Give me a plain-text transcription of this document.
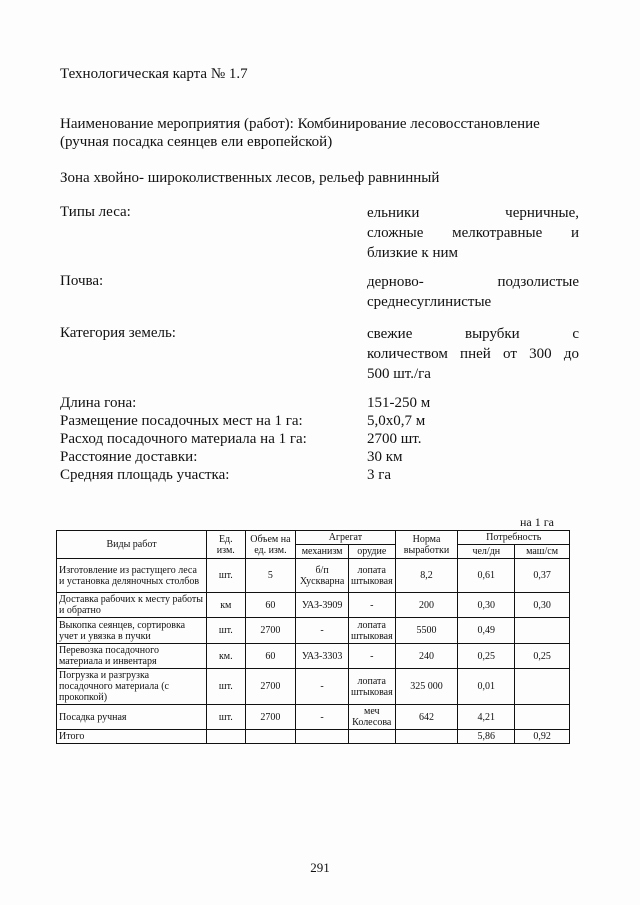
Технологическая карта № 1.7
Наименование мероприятия (работ): Комбинирование лесовосстановление
(ручная посадка сеянцев ели европейской)
Зона хвойно- широколиственных лесов, рельеф равнинный
Типы леса:	ельники черничные,
сложные мелкотравные и
близкие к ним
Почва:	дерново- подзолистые
среднесуглинистые
Категория земель:	свежие вырубки с
количеством пней от 300 до
500 шт./га
Длина гона:	151-250 м
Размещение посадочных мест на 1 га:	5,0х0,7 м
Расход посадочного материала на 1 га:	2700 шт.
Расстояние доставки:	30 км
Средняя площадь участка:	3 га
на 1 га
Виды работ	Ед. изм.	Объем на ед. изм.	Агрегат		Норма выработки	Потребность	
			механизм	орудие		чел/дн	маш/см
Изготовление из растущего леса и установка деляночных столбов	шт.	5	б/п Хускварна	лопата штыковая	8,2	0,61	0,37
Доставка рабочих к месту работы и обратно	км	60	УАЗ-3909	-	200	0,30	0,30
Выкопка сеянцев, сортировка учет и увязка в пучки	шт.	2700	-	лопата штыковая	5500	0,49	
Перевозка посадочного материала и инвентаря	км.	60	УАЗ-3303	-	240	0,25	0,25
Погрузка и разгрузка посадочного материала (с прокопкой)	шт.	2700	-	лопата штыковая	325 000	0,01	
Посадка ручная	шт.	2700	-	меч Колесова	642	4,21	
Итого						5,86	0,92
291
